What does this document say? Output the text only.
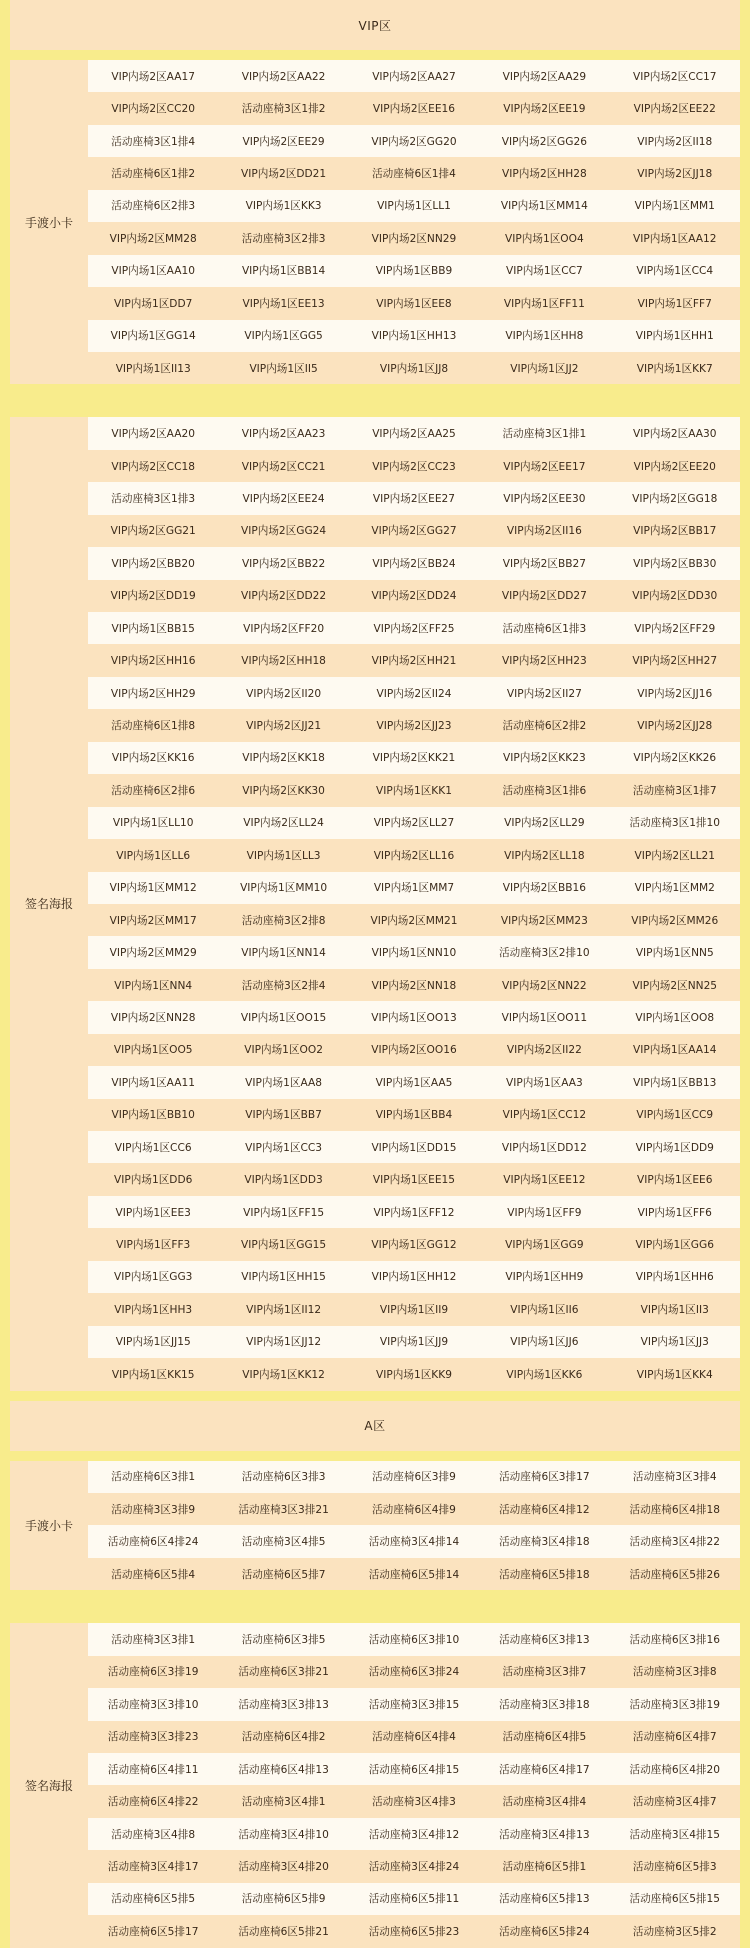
VIP区
手渡小卡
VIP内场2区AA17	VIP内场2区AA22	VIP内场2区AA27	VIP内场2区AA29	VIP内场2区CC17
VIP内场2区CC20	活动座椅3区1排2	VIP内场2区EE16	VIP内场2区EE19	VIP内场2区EE22
活动座椅3区1排4	VIP内场2区EE29	VIP内场2区GG20	VIP内场2区GG26	VIP内场2区II18
活动座椅6区1排2	VIP内场2区DD21	活动座椅6区1排4	VIP内场2区HH28	VIP内场2区JJ18
活动座椅6区2排3	VIP内场1区KK3	VIP内场1区LL1	VIP内场1区MM14	VIP内场1区MM1
VIP内场2区MM28	活动座椅3区2排3	VIP内场2区NN29	VIP内场1区OO4	VIP内场1区AA12
VIP内场1区AA10	VIP内场1区BB14	VIP内场1区BB9	VIP内场1区CC7	VIP内场1区CC4
VIP内场1区DD7	VIP内场1区EE13	VIP内场1区EE8	VIP内场1区FF11	VIP内场1区FF7
VIP内场1区GG14	VIP内场1区GG5	VIP内场1区HH13	VIP内场1区HH8	VIP内场1区HH1
VIP内场1区II13	VIP内场1区II5	VIP内场1区JJ8	VIP内场1区JJ2	VIP内场1区KK7
签名海报
VIP内场2区AA20	VIP内场2区AA23	VIP内场2区AA25	活动座椅3区1排1	VIP内场2区AA30
VIP内场2区CC18	VIP内场2区CC21	VIP内场2区CC23	VIP内场2区EE17	VIP内场2区EE20
活动座椅3区1排3	VIP内场2区EE24	VIP内场2区EE27	VIP内场2区EE30	VIP内场2区GG18
VIP内场2区GG21	VIP内场2区GG24	VIP内场2区GG27	VIP内场2区II16	VIP内场2区BB17
VIP内场2区BB20	VIP内场2区BB22	VIP内场2区BB24	VIP内场2区BB27	VIP内场2区BB30
VIP内场2区DD19	VIP内场2区DD22	VIP内场2区DD24	VIP内场2区DD27	VIP内场2区DD30
VIP内场1区BB15	VIP内场2区FF20	VIP内场2区FF25	活动座椅6区1排3	VIP内场2区FF29
VIP内场2区HH16	VIP内场2区HH18	VIP内场2区HH21	VIP内场2区HH23	VIP内场2区HH27
VIP内场2区HH29	VIP内场2区II20	VIP内场2区II24	VIP内场2区II27	VIP内场2区JJ16
活动座椅6区1排8	VIP内场2区JJ21	VIP内场2区JJ23	活动座椅6区2排2	VIP内场2区JJ28
VIP内场2区KK16	VIP内场2区KK18	VIP内场2区KK21	VIP内场2区KK23	VIP内场2区KK26
活动座椅6区2排6	VIP内场2区KK30	VIP内场1区KK1	活动座椅3区1排6	活动座椅3区1排7
VIP内场1区LL10	VIP内场2区LL24	VIP内场2区LL27	VIP内场2区LL29	活动座椅3区1排10
VIP内场1区LL6	VIP内场1区LL3	VIP内场2区LL16	VIP内场2区LL18	VIP内场2区LL21
VIP内场1区MM12	VIP内场1区MM10	VIP内场1区MM7	VIP内场2区BB16	VIP内场1区MM2
VIP内场2区MM17	活动座椅3区2排8	VIP内场2区MM21	VIP内场2区MM23	VIP内场2区MM26
VIP内场2区MM29	VIP内场1区NN14	VIP内场1区NN10	活动座椅3区2排10	VIP内场1区NN5
VIP内场1区NN4	活动座椅3区2排4	VIP内场2区NN18	VIP内场2区NN22	VIP内场2区NN25
VIP内场2区NN28	VIP内场1区OO15	VIP内场1区OO13	VIP内场1区OO11	VIP内场1区OO8
VIP内场1区OO5	VIP内场1区OO2	VIP内场2区OO16	VIP内场2区II22	VIP内场1区AA14
VIP内场1区AA11	VIP内场1区AA8	VIP内场1区AA5	VIP内场1区AA3	VIP内场1区BB13
VIP内场1区BB10	VIP内场1区BB7	VIP内场1区BB4	VIP内场1区CC12	VIP内场1区CC9
VIP内场1区CC6	VIP内场1区CC3	VIP内场1区DD15	VIP内场1区DD12	VIP内场1区DD9
VIP内场1区DD6	VIP内场1区DD3	VIP内场1区EE15	VIP内场1区EE12	VIP内场1区EE6
VIP内场1区EE3	VIP内场1区FF15	VIP内场1区FF12	VIP内场1区FF9	VIP内场1区FF6
VIP内场1区FF3	VIP内场1区GG15	VIP内场1区GG12	VIP内场1区GG9	VIP内场1区GG6
VIP内场1区GG3	VIP内场1区HH15	VIP内场1区HH12	VIP内场1区HH9	VIP内场1区HH6
VIP内场1区HH3	VIP内场1区II12	VIP内场1区II9	VIP内场1区II6	VIP内场1区II3
VIP内场1区JJ15	VIP内场1区JJ12	VIP内场1区JJ9	VIP内场1区JJ6	VIP内场1区JJ3
VIP内场1区KK15	VIP内场1区KK12	VIP内场1区KK9	VIP内场1区KK6	VIP内场1区KK4
A区
手渡小卡
活动座椅6区3排1	活动座椅6区3排3	活动座椅6区3排9	活动座椅6区3排17	活动座椅3区3排4
活动座椅3区3排9	活动座椅3区3排21	活动座椅6区4排9	活动座椅6区4排12	活动座椅6区4排18
活动座椅6区4排24	活动座椅3区4排5	活动座椅3区4排14	活动座椅3区4排18	活动座椅3区4排22
活动座椅6区5排4	活动座椅6区5排7	活动座椅6区5排14	活动座椅6区5排18	活动座椅6区5排26
签名海报
活动座椅3区3排1	活动座椅6区3排5	活动座椅6区3排10	活动座椅6区3排13	活动座椅6区3排16
活动座椅6区3排19	活动座椅6区3排21	活动座椅6区3排24	活动座椅3区3排7	活动座椅3区3排8
活动座椅3区3排10	活动座椅3区3排13	活动座椅3区3排15	活动座椅3区3排18	活动座椅3区3排19
活动座椅3区3排23	活动座椅6区4排2	活动座椅6区4排4	活动座椅6区4排5	活动座椅6区4排7
活动座椅6区4排11	活动座椅6区4排13	活动座椅6区4排15	活动座椅6区4排17	活动座椅6区4排20
活动座椅6区4排22	活动座椅3区4排1	活动座椅3区4排3	活动座椅3区4排4	活动座椅3区4排7
活动座椅3区4排8	活动座椅3区4排10	活动座椅3区4排12	活动座椅3区4排13	活动座椅3区4排15
活动座椅3区4排17	活动座椅3区4排20	活动座椅3区4排24	活动座椅6区5排1	活动座椅6区5排3
活动座椅6区5排5	活动座椅6区5排9	活动座椅6区5排11	活动座椅6区5排13	活动座椅6区5排15
活动座椅6区5排17	活动座椅6区5排21	活动座椅6区5排23	活动座椅6区5排24	活动座椅3区5排2
